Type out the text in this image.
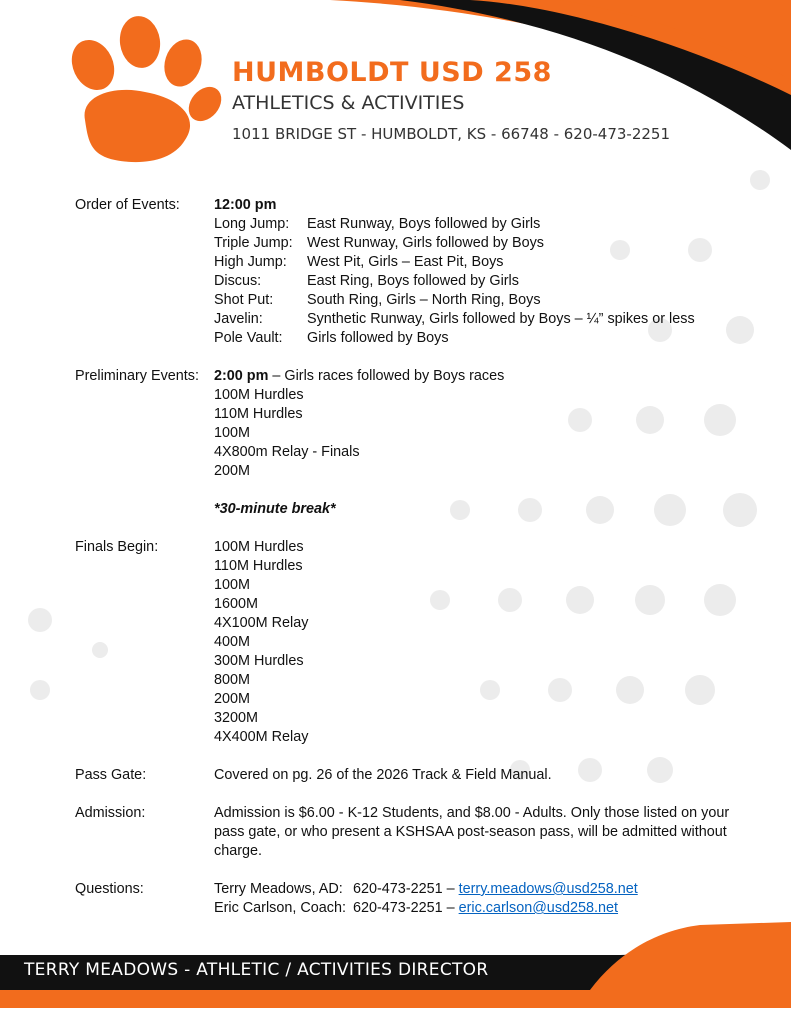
HUMBOLDT USD 258
ATHLETICS & ACTIVITIES
1011 BRIDGE ST - HUMBOLDT, KS - 66748 - 620-473-2251
Order of Events:	12:00 pm
Long Jump:	East Runway, Boys followed by Girls
Triple Jump: West Runway, Girls followed by Boys
High Jump:	West Pit, Girls – East Pit, Boys
Discus:	East Ring, Boys followed by Girls
Shot Put:	South Ring, Girls – North Ring, Boys
Javelin:	Synthetic Runway, Girls followed by Boys – ¼” spikes or less
Pole Vault:	Girls followed by Boys
Preliminary Events:	2:00 pm – Girls races followed by Boys races
100M Hurdles
110M Hurdles
100M
4X800m Relay - Finals
200M
*30-minute break*
Finals Begin:	100M Hurdles
110M Hurdles
100M
1600M
4X100M Relay
400M
300M Hurdles
800M
200M
3200M
4X400M Relay
Pass Gate:	Covered on pg. 26 of the 2026 Track & Field Manual.
Admission:	Admission is $6.00 - K-12 Students, and $8.00 - Adults. Only those listed on your pass gate, or who present a KSHSAA post-season pass, will be admitted without charge.
Questions:	Terry Meadows, AD: 620-473-2251 – terry.meadows@usd258.net
Eric Carlson, Coach: 620-473-2251 – eric.carlson@usd258.net
TERRY MEADOWS - ATHLETIC / ACTIVITIES DIRECTOR
